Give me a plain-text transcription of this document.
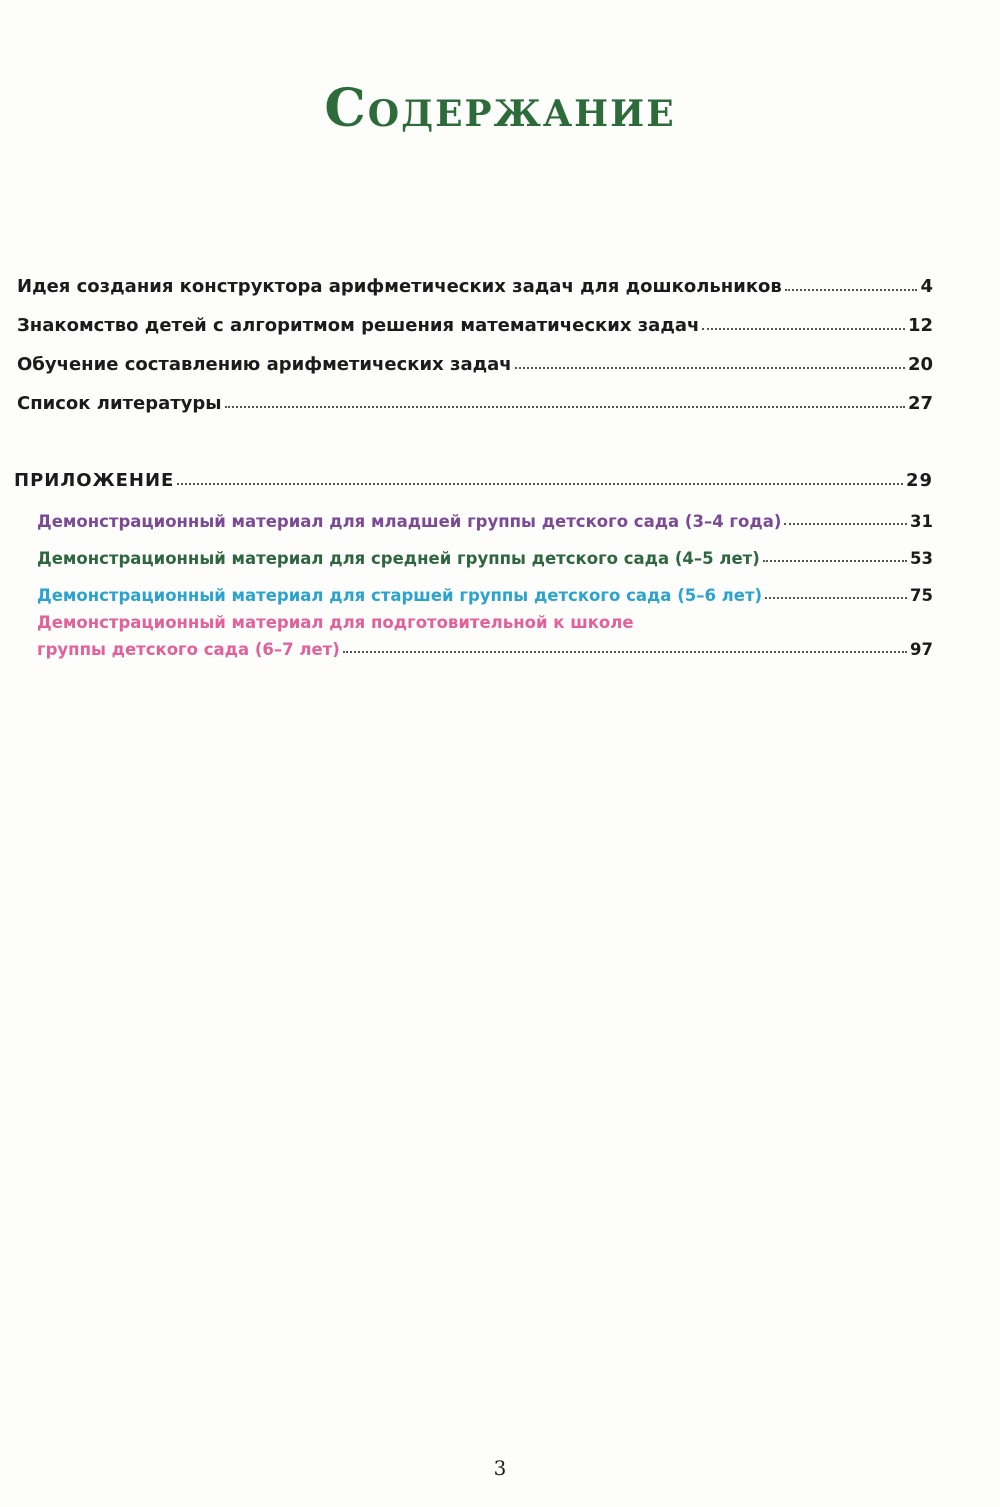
Содержание
Идея создания конструктора арифметических задач для дошкольников	4
Знакомство детей с алгоритмом решения математических задач	12
Обучение составлению арифметических задач	20
Список литературы	27
ПРИЛОЖЕНИЕ	29
Демонстрационный материал для младшей группы детского сада (3–4 года)	31
Демонстрационный материал для средней группы детского сада (4–5 лет)	53
Демонстрационный материал для старшей группы детского сада (5–6 лет)	75
Демонстрационный материал для подготовительной к школе
группы детского сада (6–7 лет)	97
3
